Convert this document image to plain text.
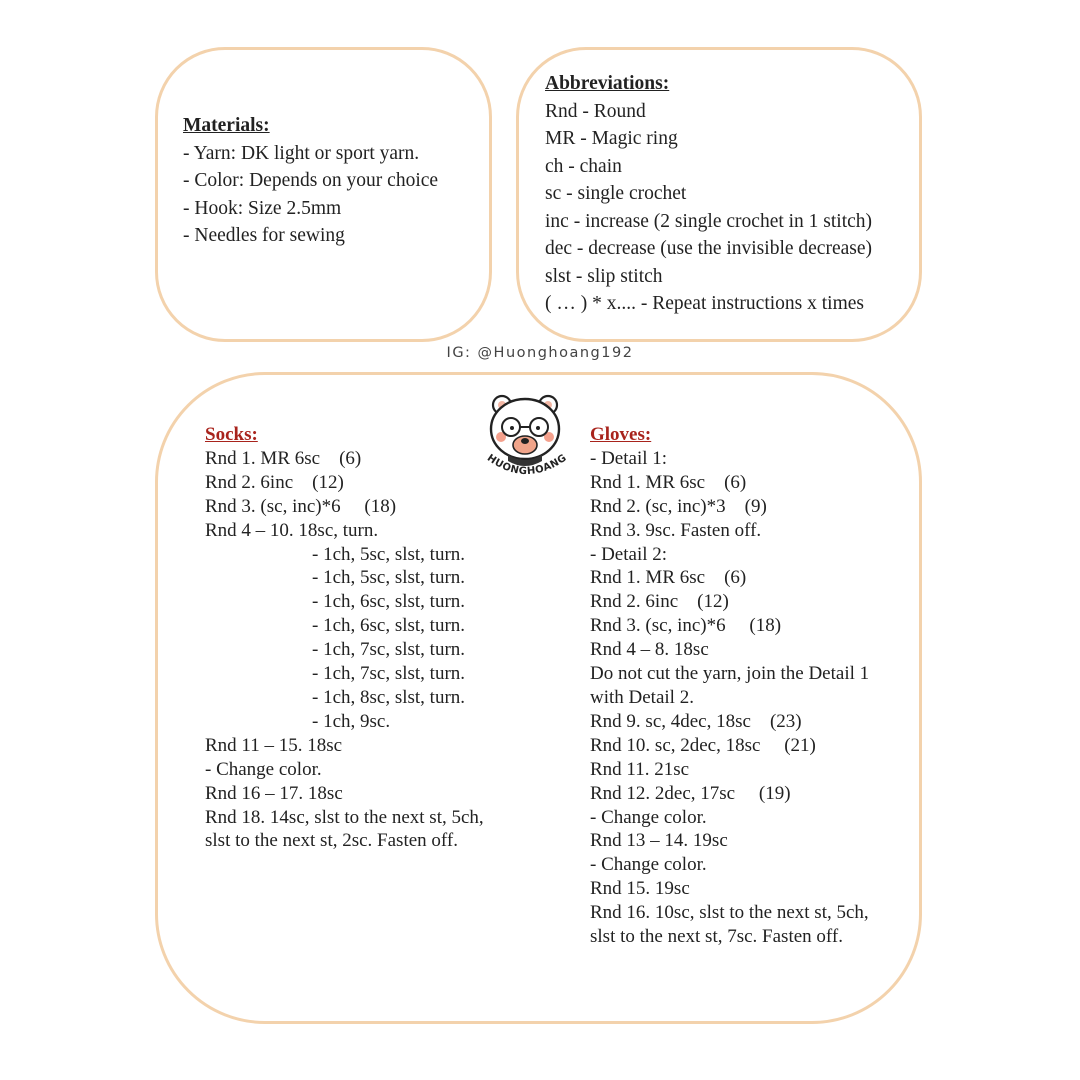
Materials:
- Yarn: DK light or sport yarn.
- Color: Depends on your choice
- Hook: Size 2.5mm
- Needles for sewing
Abbreviations:
Rnd - Round
MR - Magic ring
ch - chain
sc - single crochet
inc - increase (2 single crochet in 1 stitch)
dec - decrease (use the invisible decrease)
slst - slip stitch
( … ) * x.... - Repeat instructions x times
IG: @Huonghoang192
HUONGHOANG
Socks:
Rnd 1. MR 6sc    (6)
Rnd 2. 6inc    (12)
Rnd 3. (sc, inc)*6     (18)
Rnd 4 – 10. 18sc, turn.
- 1ch, 5sc, slst, turn.
- 1ch, 5sc, slst, turn.
- 1ch, 6sc, slst, turn.
- 1ch, 6sc, slst, turn.
- 1ch, 7sc, slst, turn.
- 1ch, 7sc, slst, turn.
- 1ch, 8sc, slst, turn.
- 1ch, 9sc.
Rnd 11 – 15. 18sc
- Change color.
Rnd 16 – 17. 18sc
Rnd 18. 14sc, slst to the next st, 5ch,
slst to the next st, 2sc. Fasten off.
Gloves:
- Detail 1:
Rnd 1. MR 6sc    (6)
Rnd 2. (sc, inc)*3    (9)
Rnd 3. 9sc. Fasten off.
- Detail 2:
Rnd 1. MR 6sc    (6)
Rnd 2. 6inc    (12)
Rnd 3. (sc, inc)*6     (18)
Rnd 4 – 8. 18sc
Do not cut the yarn, join the Detail 1
with Detail 2.
Rnd 9. sc, 4dec, 18sc    (23)
Rnd 10. sc, 2dec, 18sc     (21)
Rnd 11. 21sc
Rnd 12. 2dec, 17sc     (19)
- Change color.
Rnd 13 – 14. 19sc
- Change color.
Rnd 15. 19sc
Rnd 16. 10sc, slst to the next st, 5ch,
slst to the next st, 7sc. Fasten off.
